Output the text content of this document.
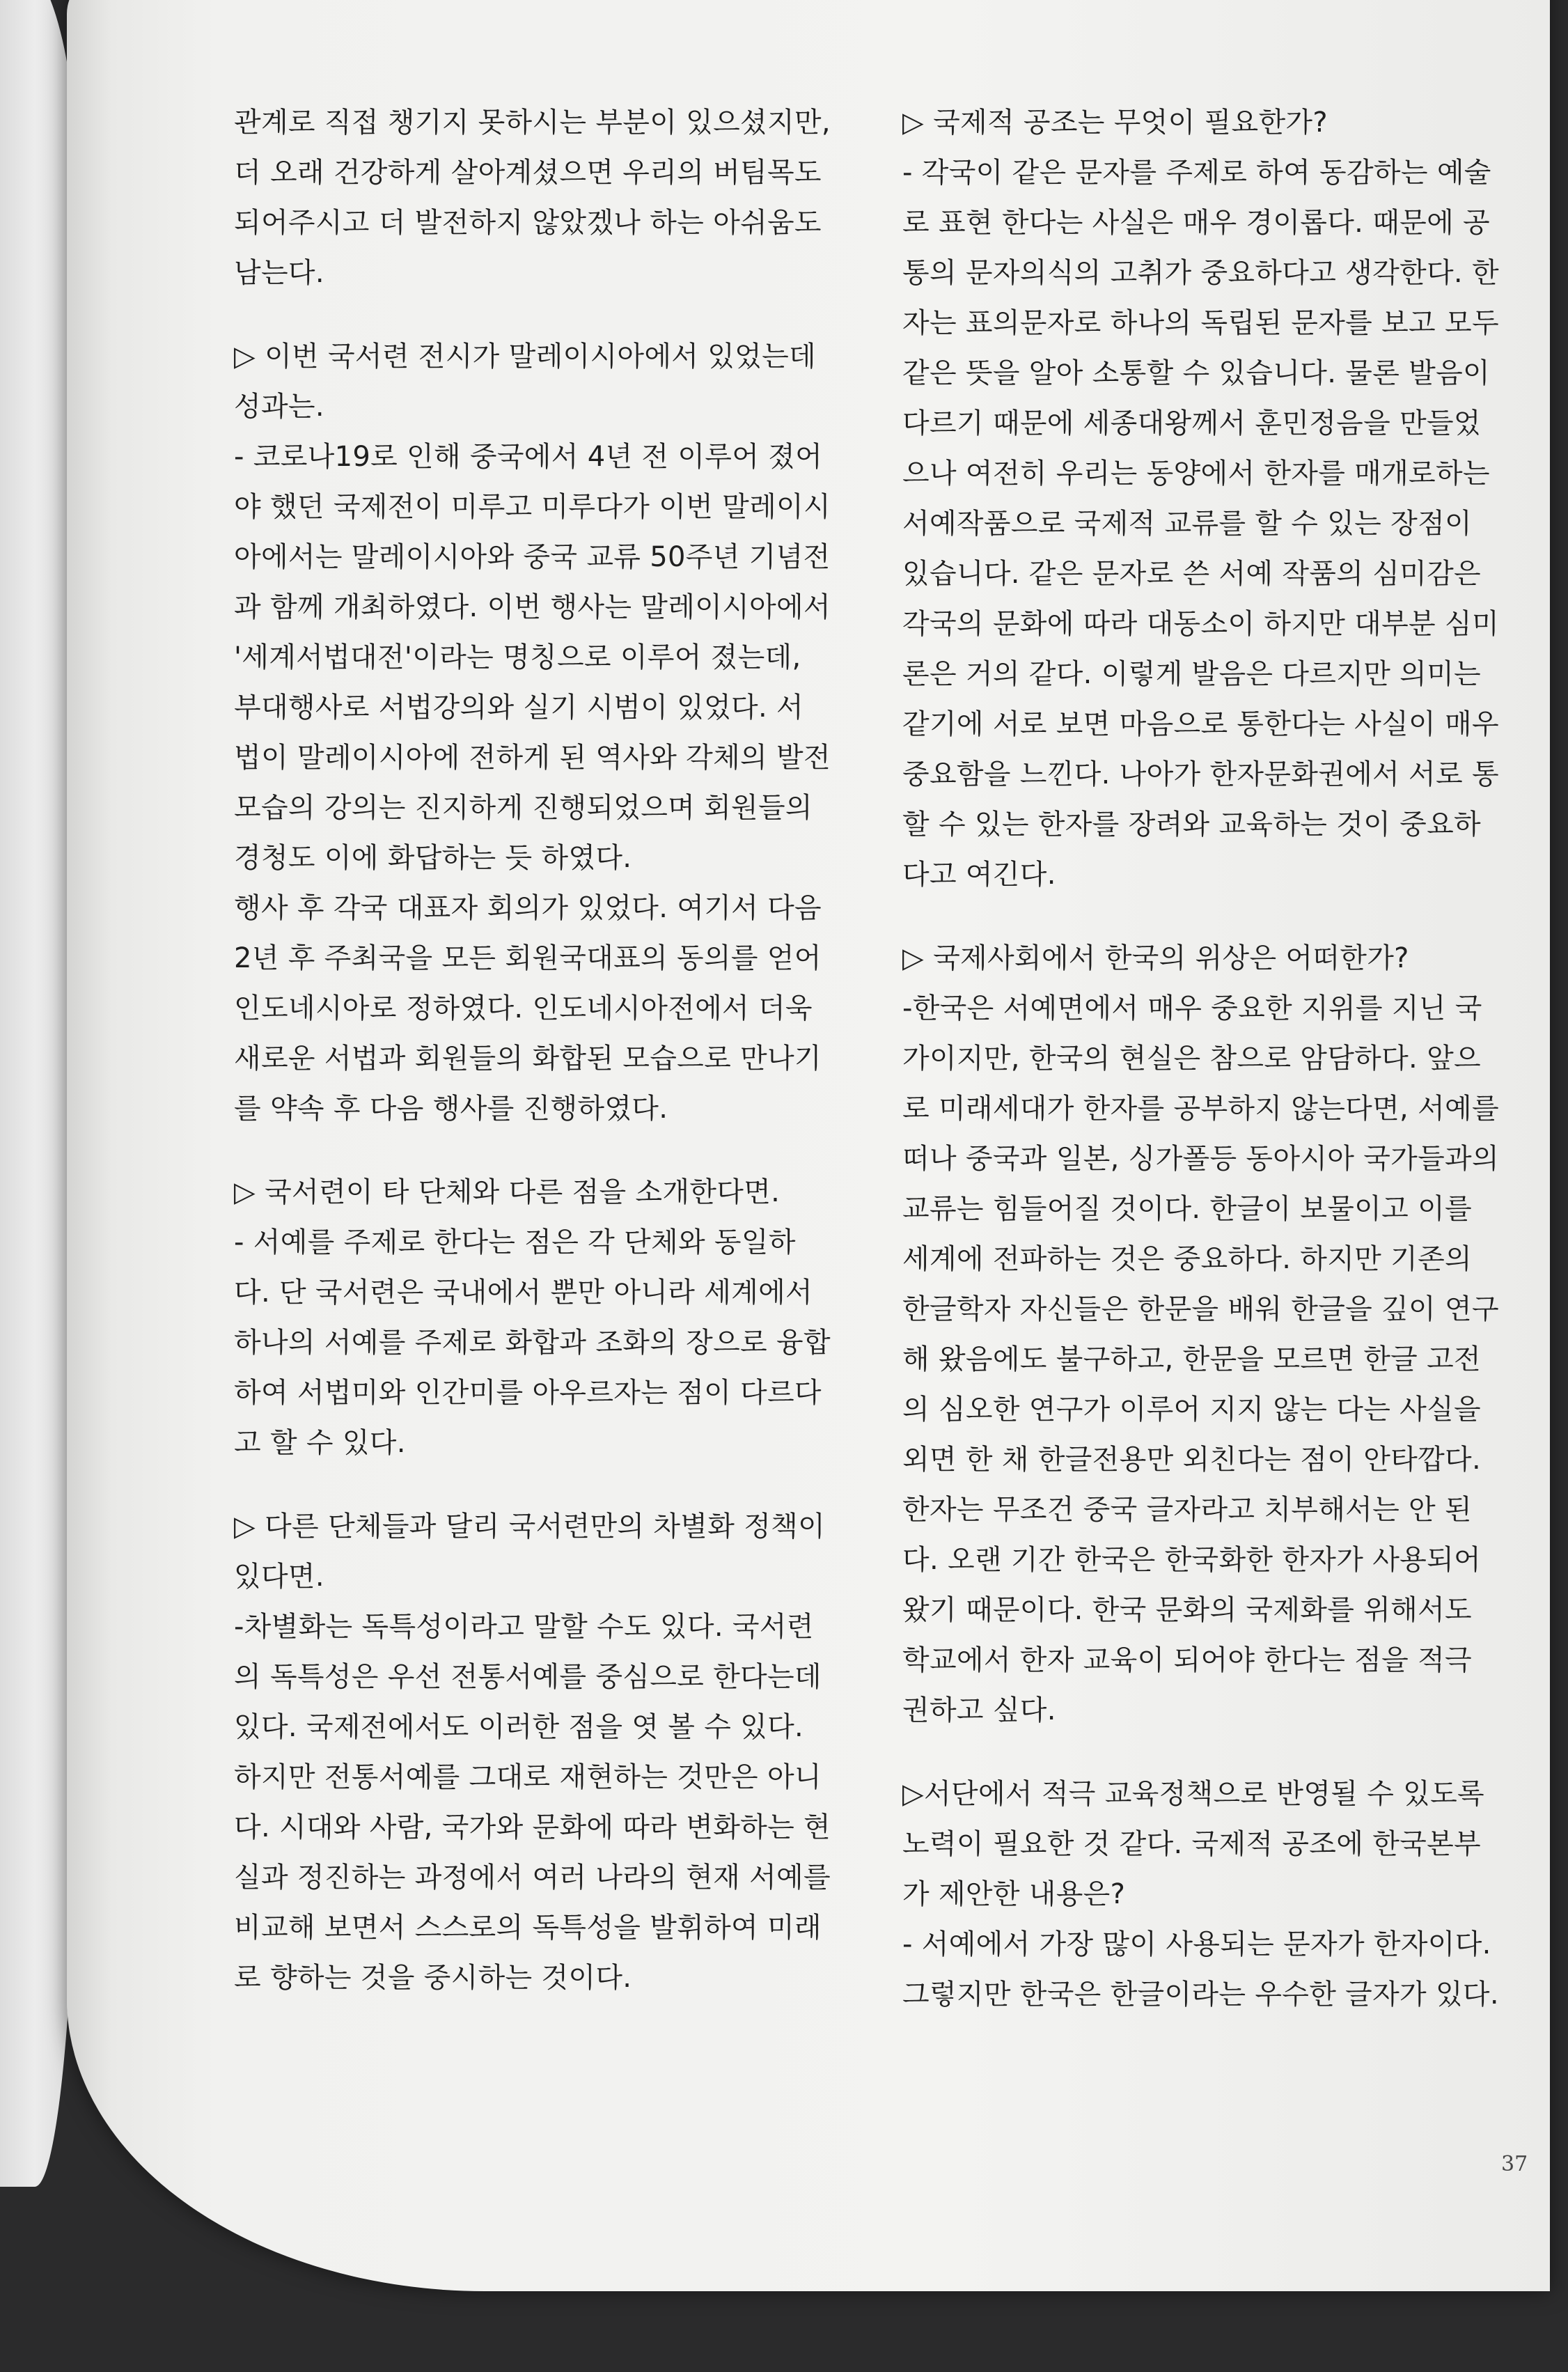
관계로 직접 챙기지 못하시는 부분이 있으셨지만,
더 오래 건강하게 살아계셨으면 우리의 버팀목도
되어주시고 더 발전하지 않았겠나 하는 아쉬움도
남는다.

▷ 이번 국서련 전시가 말레이시아에서 있었는데
성과는.
- 코로나19로 인해 중국에서 4년 전 이루어 졌어
야 했던 국제전이 미루고 미루다가 이번 말레이시
아에서는 말레이시아와 중국 교류 50주년 기념전
과 함께 개최하였다. 이번 행사는 말레이시아에서
'세계서법대전'이라는 명칭으로 이루어 졌는데,
부대행사로 서법강의와 실기 시범이 있었다. 서
법이 말레이시아에 전하게 된 역사와 각체의 발전
모습의 강의는 진지하게 진행되었으며 회원들의
경청도 이에 화답하는 듯 하였다.
행사 후 각국 대표자 회의가 있었다. 여기서 다음
2년 후 주최국을 모든 회원국대표의 동의를 얻어
인도네시아로 정하였다. 인도네시아전에서 더욱
새로운 서법과 회원들의 화합된 모습으로 만나기
를 약속 후 다음 행사를 진행하였다.

▷ 국서련이 타 단체와 다른 점을 소개한다면.
- 서예를 주제로 한다는 점은 각 단체와 동일하
다. 단 국서련은 국내에서 뿐만 아니라 세계에서
하나의 서예를 주제로 화합과 조화의 장으로 융합
하여 서법미와 인간미를 아우르자는 점이 다르다
고 할 수 있다.

▷ 다른 단체들과 달리 국서련만의 차별화 정책이
있다면.
-차별화는 독특성이라고 말할 수도 있다. 국서련
의 독특성은 우선 전통서예를 중심으로 한다는데
있다. 국제전에서도 이러한 점을 엿 볼 수 있다.
하지만 전통서예를 그대로 재현하는 것만은 아니
다. 시대와 사람, 국가와 문화에 따라 변화하는 현
실과 정진하는 과정에서 여러 나라의 현재 서예를
비교해 보면서 스스로의 독특성을 발휘하여 미래
로 향하는 것을 중시하는 것이다.

▷ 국제적 공조는 무엇이 필요한가?
- 각국이 같은 문자를 주제로 하여 동감하는 예술
로 표현 한다는 사실은 매우 경이롭다. 때문에 공
통의 문자의식의 고취가 중요하다고 생각한다. 한
자는 표의문자로 하나의 독립된 문자를 보고 모두
같은 뜻을 알아 소통할 수 있습니다. 물론 발음이
다르기 때문에 세종대왕께서 훈민정음을 만들었
으나 여전히 우리는 동양에서 한자를 매개로하는
서예작품으로 국제적 교류를 할 수 있는 장점이
있습니다. 같은 문자로 쓴 서예 작품의 심미감은
각국의 문화에 따라 대동소이 하지만 대부분 심미
론은 거의 같다. 이렇게 발음은 다르지만 의미는
같기에 서로 보면 마음으로 통한다는 사실이 매우
중요함을 느낀다. 나아가 한자문화권에서 서로 통
할 수 있는 한자를 장려와 교육하는 것이 중요하
다고 여긴다.

▷ 국제사회에서 한국의 위상은 어떠한가?
-한국은 서예면에서 매우 중요한 지위를 지닌 국
가이지만, 한국의 현실은 참으로 암담하다. 앞으
로 미래세대가 한자를 공부하지 않는다면, 서예를
떠나 중국과 일본, 싱가폴등 동아시아 국가들과의
교류는 힘들어질 것이다. 한글이 보물이고 이를
세계에 전파하는 것은 중요하다. 하지만 기존의
한글학자 자신들은 한문을 배워 한글을 깊이 연구
해 왔음에도 불구하고, 한문을 모르면 한글 고전
의 심오한 연구가 이루어 지지 않는 다는 사실을
외면 한 채 한글전용만 외친다는 점이 안타깝다.
한자는 무조건 중국 글자라고 치부해서는 안 된
다. 오랜 기간 한국은 한국화한 한자가 사용되어
왔기 때문이다. 한국 문화의 국제화를 위해서도
학교에서 한자 교육이 되어야 한다는 점을 적극
권하고 싶다.

▷서단에서 적극 교육정책으로 반영될 수 있도록
노력이 필요한 것 같다. 국제적 공조에 한국본부
가 제안한 내용은?
- 서예에서 가장 많이 사용되는 문자가 한자이다.
그렇지만 한국은 한글이라는 우수한 글자가 있다.

37
